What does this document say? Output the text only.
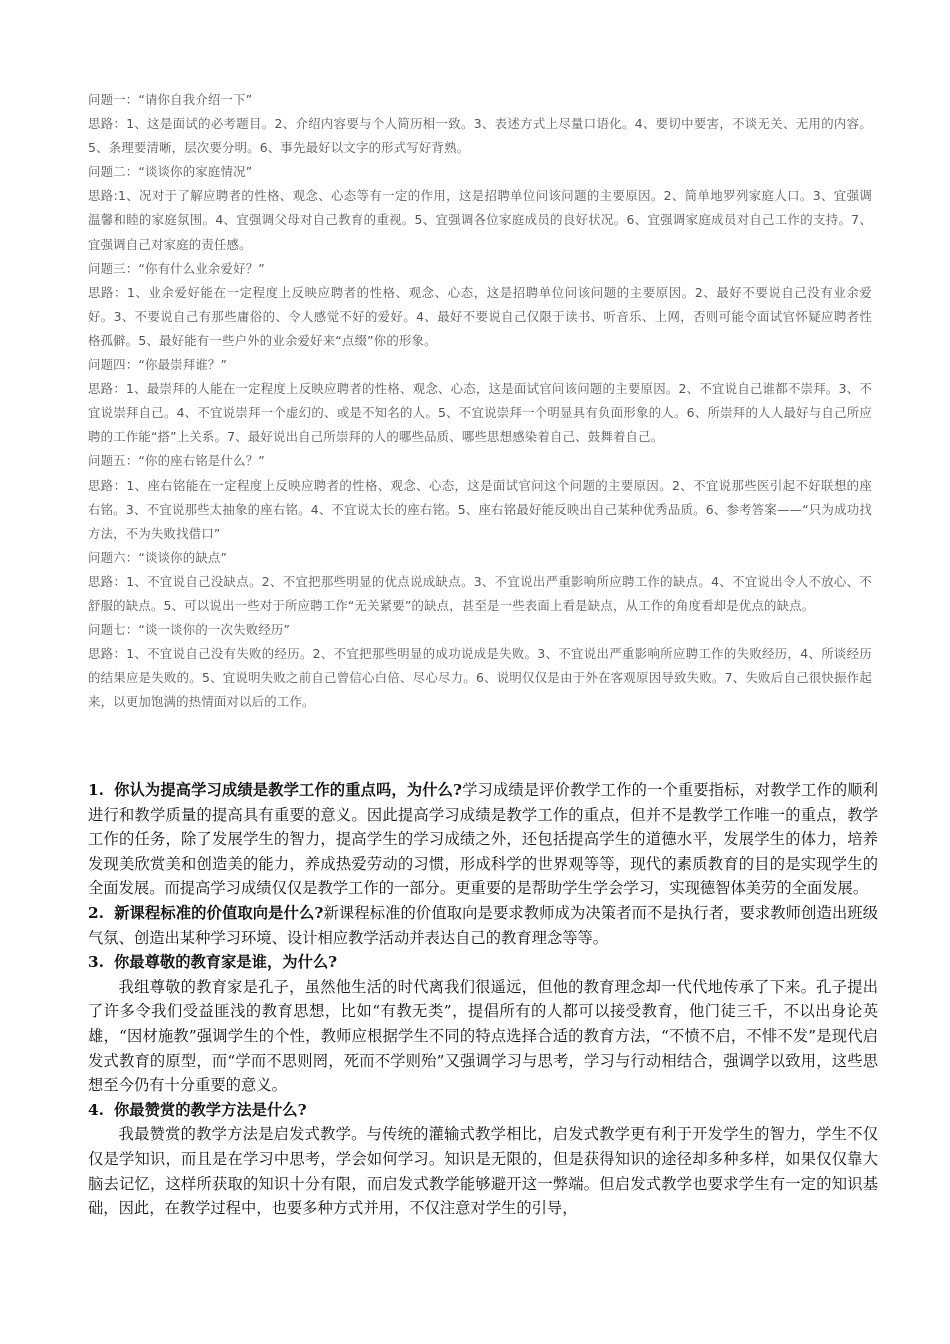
问题一：“请你自我介绍一下”

思路：1、这是面试的必考题目。2、介绍内容要与个人简历相一致。3、表述方式上尽量口语化。4、要切中要害，不谈无关、无用的内容。5、条理要清晰，层次要分明。6、事先最好以文字的形式写好背熟。

问题二：“谈谈你的家庭情况”

思路:1、况对于了解应聘者的性格、观念、心态等有一定的作用，这是招聘单位问该问题的主要原因。2、简单地罗列家庭人口。3、宜强调温馨和睦的家庭氛围。4、宜强调父母对自己教育的重视。5、宜强调各位家庭成员的良好状况。6、宜强调家庭成员对自己工作的支持。7、宜强调自己对家庭的责任感。

问题三：“你有什么业余爱好？”

思路：1、业余爱好能在一定程度上反映应聘者的性格、观念、心态，这是招聘单位问该问题的主要原因。2、最好不要说自己没有业余爱好。3、不要说自己有那些庸俗的、令人感觉不好的爱好。4、最好不要说自己仅限于读书、听音乐、上网，否则可能令面试官怀疑应聘者性格孤僻。5、最好能有一些户外的业余爱好来“点缀”你的形象。

问题四：“你最崇拜谁？”

思路：1、最崇拜的人能在一定程度上反映应聘者的性格、观念、心态，这是面试官问该问题的主要原因。2、不宜说自己谁都不崇拜。3、不宜说崇拜自己。4、不宜说崇拜一个虚幻的、或是不知名的人。5、不宜说崇拜一个明显具有负面形象的人。6、所崇拜的人人最好与自己所应聘的工作能“搭”上关系。7、最好说出自己所崇拜的人的哪些品质、哪些思想感染着自己、鼓舞着自己。

问题五：“你的座右铭是什么？”

思路：1、座右铭能在一定程度上反映应聘者的性格、观念、心态，这是面试官问这个问题的主要原因。2、不宜说那些医引起不好联想的座右铭。3、不宜说那些太抽象的座右铭。4、不宜说太长的座右铭。5、座右铭最好能反映出自己某种优秀品质。6、参考答案——“只为成功找方法，不为失败找借口”

问题六：“谈谈你的缺点”

思路：1、不宜说自己没缺点。2、不宜把那些明显的优点说成缺点。3、不宜说出严重影响所应聘工作的缺点。4、不宜说出令人不放心、不舒服的缺点。5、可以说出一些对于所应聘工作“无关紧要”的缺点，甚至是一些表面上看是缺点，从工作的角度看却是优点的缺点。

问题七：“谈一谈你的一次失败经历”

思路：1、不宜说自己没有失败的经历。2、不宜把那些明显的成功说成是失败。3、不宜说出严重影响所应聘工作的失败经历，4、所谈经历的结果应是失败的。5、宜说明失败之前自己曾信心白倍、尽心尽力。6、说明仅仅是由于外在客观原因导致失败。7、失败后自己很快振作起来，以更加饱满的热情面对以后的工作。

1. 你认为提高学习成绩是教学工作的重点吗，为什么?学习成绩是评价教学工作的一个重要指标，对教学工作的顺利进行和教学质量的提高具有重要的意义。因此提高学习成绩是教学工作的重点，但并不是教学工作唯一的重点，教学工作的任务，除了发展学生的智力，提高学生的学习成绩之外，还包括提高学生的道德水平，发展学生的体力，培养发现美欣赏美和创造美的能力，养成热爱劳动的习惯，形成科学的世界观等等，现代的素质教育的目的是实现学生的全面发展。而提高学习成绩仅仅是教学工作的一部分。更重要的是帮助学生学会学习，实现德智体美劳的全面发展。

2. 新课程标准的价值取向是什么?新课程标准的价值取向是要求教师成为决策者而不是执行者，要求教师创造出班级气氛、创造出某种学习环境、设计相应教学活动并表达自己的教育理念等等。

3. 你最尊敬的教育家是谁，为什么?

我组尊敬的教育家是孔子，虽然他生活的时代离我们很遥远，但他的教育理念却一代代地传承了下来。孔子提出了许多令我们受益匪浅的教育思想，比如“有教无类”，提倡所有的人都可以接受教育，他门徒三千，不以出身论英雄，“因材施教”强调学生的个性，教师应根据学生不同的特点选择合适的教育方法，“不愤不启，不悱不发”是现代启发式教育的原型，而“学而不思则罔，死而不学则殆”又强调学习与思考，学习与行动相结合，强调学以致用，这些思想至今仍有十分重要的意义。

4. 你最赞赏的教学方法是什么?

我最赞赏的教学方法是启发式教学。与传统的灌输式教学相比，启发式教学更有利于开发学生的智力，学生不仅仅是学知识，而且是在学习中思考，学会如何学习。知识是无限的，但是获得知识的途径却多种多样，如果仅仅靠大脑去记忆，这样所获取的知识十分有限，而启发式教学能够避开这一弊端。但启发式教学也要求学生有一定的知识基础，因此，在教学过程中，也要多种方式并用，不仅注意对学生的引导，
